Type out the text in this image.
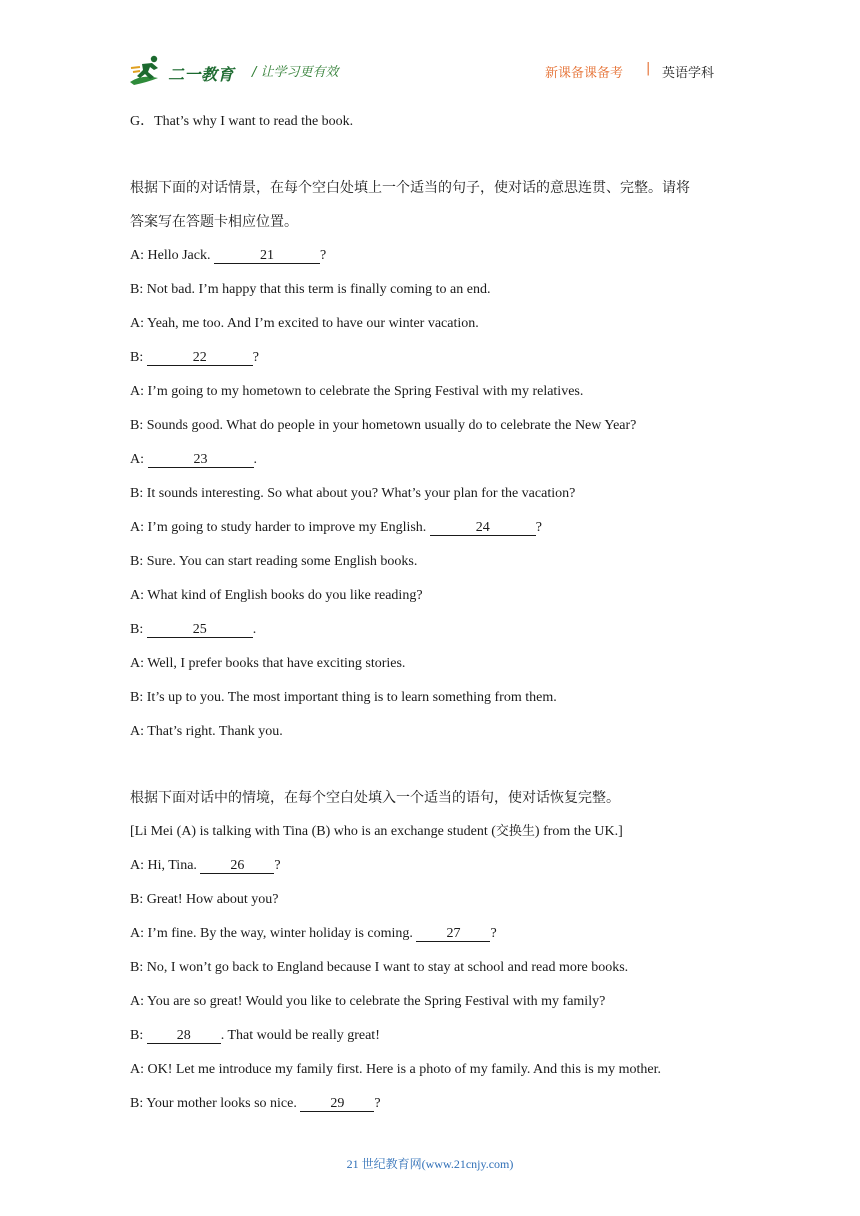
二一教育 / 让学习更有效	新课备课备考 | 英语学科
G．That’s why I want to read the book.
根据下面的对话情景，在每个空白处填上一个适当的句子，使对话的意思连贯、完整。请将
答案写在答题卡相应位置。
A: Hello Jack.	21	?
B: Not bad. I’m happy that this term is finally coming to an end.
A: Yeah, me too. And I’m excited to have our winter vacation.
B:	22	?
A: I’m going to my hometown to celebrate the Spring Festival with my relatives.
B: Sounds good. What do people in your hometown usually do to celebrate the New Year?
A:	23	.
B: It sounds interesting. So what about you? What’s your plan for the vacation?
A: I’m going to study harder to improve my English.	24	?
B: Sure. You can start reading some English books.
A: What kind of English books do you like reading?
B:	25	.
A: Well, I prefer books that have exciting stories.
B: It’s up to you. The most important thing is to learn something from them.
A: That’s right. Thank you.
根据下面对话中的情境，在每个空白处填入一个适当的语句，使对话恢复完整。
[Li Mei (A) is talking with Tina (B) who is an exchange student (交换生) from the UK.]
A: Hi, Tina. 26 ?
B: Great! How about you?
A: I’m fine. By the way, winter holiday is coming. 27 ?
B: No, I won’t go back to England because I want to stay at school and read more books.
A: You are so great! Would you like to celebrate the Spring Festival with my family?
B: 28 . That would be really great!
A: OK! Let me introduce my family first. Here is a photo of my family. And this is my mother.
B: Your mother looks so nice. 29 ?
21 世纪教育网(www.21cnjy.com)
